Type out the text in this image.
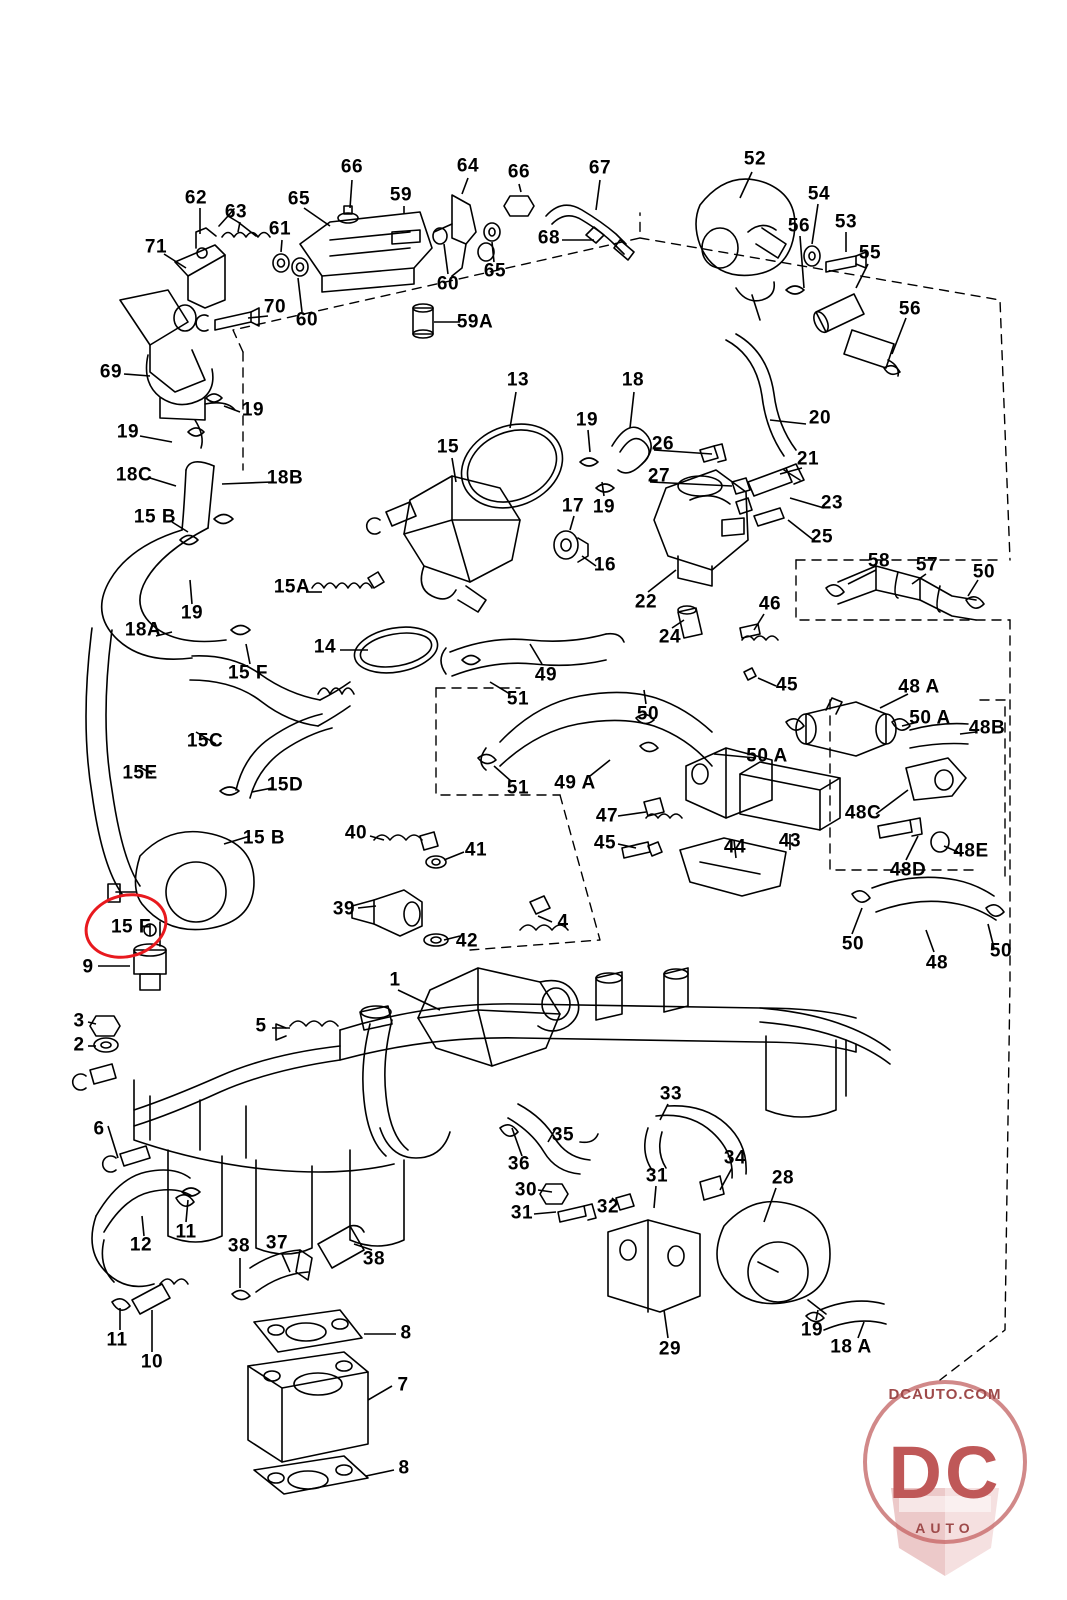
66	64 66	67	52
62
63
65	59	54
61	68
56 53
71	55
60
65
56
70
60	59A
69	13	18
19	20
19
19
15	26
18C	18B	27
21
17 19	23
15 B
25
16	58 57 50
15A
22
19
18A	24
46
14
49
15 F
51
45	48 A
50	50 A 48B
15C
50 A
15E
15D	51 49 A
15 B
47	48C
48E
40
41	45	44 43
48D
39
4
15 F
42	50
48
50
9
1
3	5
2
6
33
35
36	34
31	28
30
31	32
11
12	38 37
38
19
18 A
11
10
29
8
7
8
DCAUTO.COM
DC
AUTO
